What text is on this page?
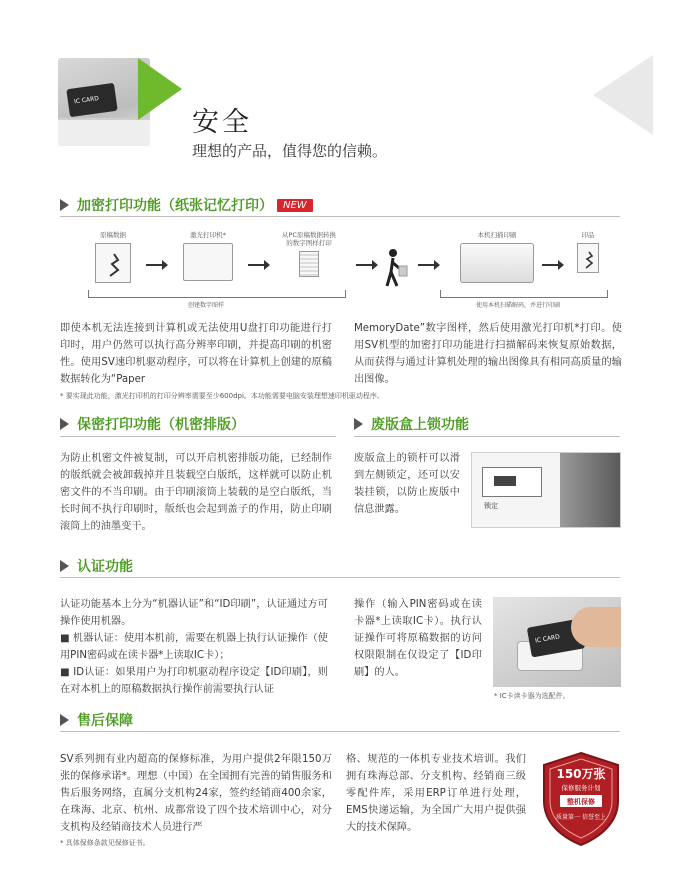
IC CARD
安全
理想的产品，值得您的信赖。
加密打印功能（纸张记忆打印）	NEW
原稿数据	激光打印机*	从PC原稿数据转换
的数字图样打印
本机扫描印刷	印品
创建数字图样	使用本机扫描解码，并进行印刷
即使本机无法连接到计算机或无法使用U盘打印功能进行打印时，用户仍然可以执行高分辨率印刷，并提高印刷的机密性。使用SV速印机驱动程序，可以将在计算机上创建的原稿数据转化为“Paper
MemoryDate”数字图样，然后使用激光打印机*打印。使用SV机型的加密打印功能进行扫描解码来恢复原始数据，从而获得与通过计算机处理的输出图像具有相同高质量的输出图像。
* 要实现此功能，激光打印机的打印分辨率需要至少600dpi。本功能需要电脑安装理想速印机驱动程序。
保密打印功能（机密排版）	废版盒上锁功能
为防止机密文件被复制，可以开启机密排版功能，已经制作的版纸就会被卸载掉并且装载空白版纸，这样就可以防止机密文件的不当印刷。由于印刷滚筒上装载的是空白版纸，当长时间不执行印刷时，版纸也会起到盖子的作用，防止印刷滚筒上的油墨变干。
废版盒上的锁杆可以滑到左侧锁定，还可以安装挂锁，以防止废版中信息泄露。	锁定
认证功能
认证功能基本上分为“机器认证”和“ID印刷”，认证通过方可操作使用机器。
■ 机器认证：使用本机前，需要在机器上执行认证操作（使用PIN密码或在读卡器*上读取IC卡）；
■ ID认证：如果用户为打印机驱动程序设定【ID印刷】，则在对本机上的原稿数据执行操作前需要执行认证
操作（输入PIN密码或在读卡器*上读取IC卡）。执行认证操作可将原稿数据的访问权限限制在仅设定了【ID印刷】的人。
IC CARD
* IC卡读卡器为选配件。
售后保障
SV系列拥有业内超高的保修标准，为用户提供2年限150万张的保修承诺*。理想（中国）在全国拥有完善的销售服务和售后服务网络，直属分支机构24家，签约经销商400余家，在珠海、北京、杭州、成都常设了四个技术培训中心，对分支机构及经销商技术人员进行严
格、规范的一体机专业技术培训。我们拥有珠海总部、分支机构、经销商三级零配件库，采用ERP订单进行处理，EMS快递运输，为全国广大用户提供强大的技术保障。
* 具体保修条款见保修证书。
150万张
保修服务计划
整机保修
质量第一 信誉至上
